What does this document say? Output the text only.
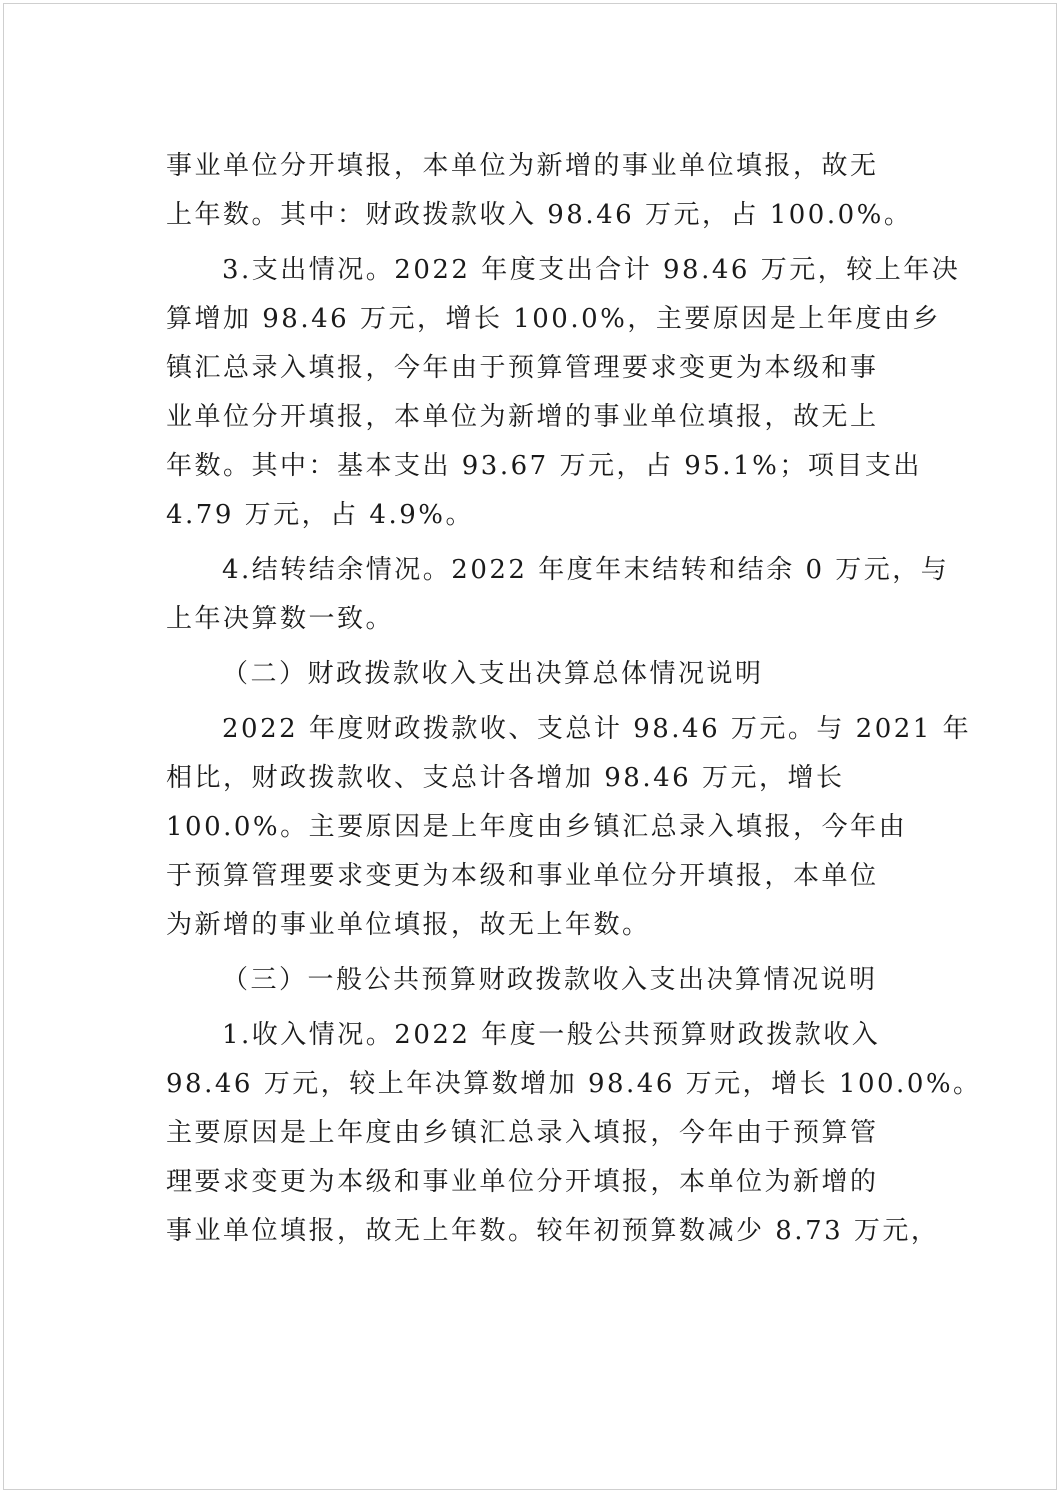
事业单位分开填报，本单位为新增的事业单位填报，故无
上年数。其中：财政拨款收入 98.46 万元，占 100.0%。
3.支出情况。2022 年度支出合计 98.46 万元，较上年决
算增加 98.46 万元，增长 100.0%，主要原因是上年度由乡
镇汇总录入填报，今年由于预算管理要求变更为本级和事
业单位分开填报，本单位为新增的事业单位填报，故无上
年数。其中：基本支出 93.67 万元，占 95.1%；项目支出
4.79 万元，占 4.9%。
4.结转结余情况。2022 年度年末结转和结余 0 万元，与
上年决算数一致。
（二）财政拨款收入支出决算总体情况说明
2022 年度财政拨款收、支总计 98.46 万元。与 2021 年
相比，财政拨款收、支总计各增加 98.46 万元，增长
100.0%。主要原因是上年度由乡镇汇总录入填报，今年由
于预算管理要求变更为本级和事业单位分开填报，本单位
为新增的事业单位填报，故无上年数。
（三）一般公共预算财政拨款收入支出决算情况说明
1.收入情况。2022 年度一般公共预算财政拨款收入
98.46 万元，较上年决算数增加 98.46 万元，增长 100.0%。
主要原因是上年度由乡镇汇总录入填报，今年由于预算管
理要求变更为本级和事业单位分开填报，本单位为新增的
事业单位填报，故无上年数。较年初预算数减少 8.73 万元，
